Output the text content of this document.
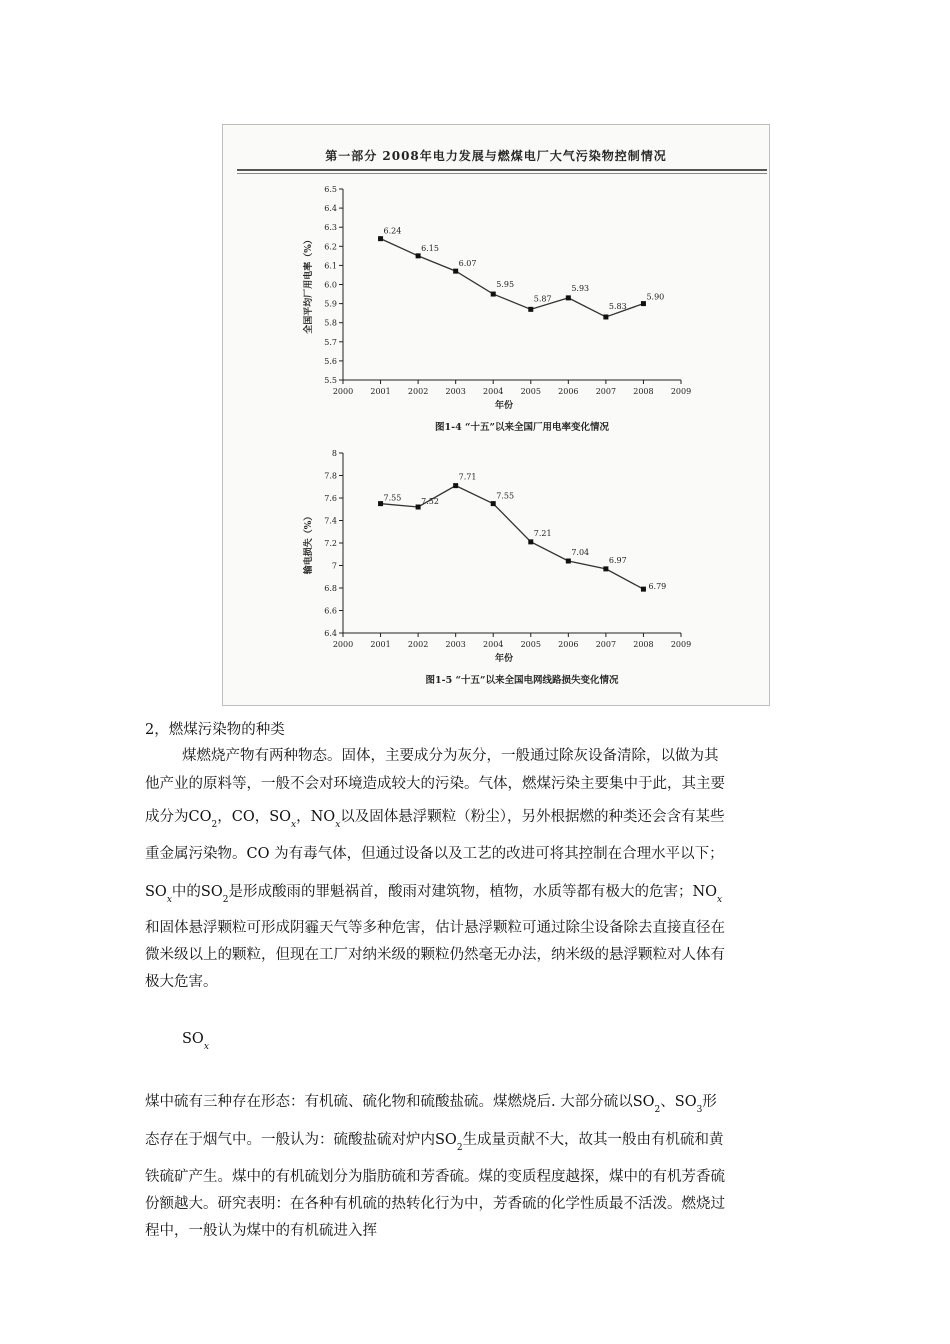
第一部分 2008年电力发展与燃煤电厂大气污染物控制情况
6.5
6.4
6.3
6.2
6.1
6.0
5.9
5.8
5.7
5.6
5.5
2000 2001 2002 2003 2004 2005 2006 2007 2008 2009
6.24
6.15
6.07
5.95
5.87
5.93
5.83
5.90
年份
全国平均厂用电率（%）
图1-4 “十五”以来全国厂用电率变化情况
8
7.8
7.6
7.4
7.2
7
6.8
6.6
6.4
2000 2001 2002 2003 2004 2005 2006 2007 2008 2009
7.55 7.52
7.71
7.55
7.21
7.04
6.97
6.79
年份
输电损失（%）
图1-5 “十五”以来全国电网线路损失变化情况
2，燃煤污染物的种类
煤燃烧产物有两种物态。固体，主要成分为灰分，一般通过除灰设备清除，以做为其
他产业的原料等，一般不会对环境造成较大的污染。气体，燃煤污染主要集中于此，其主要
成分为$CO_2$，CO，$SO_x$，$NO_x$以及固体悬浮颗粒（粉尘），另外根据燃的种类还会含有某些
重金属污染物。CO 为有毒气体，但通过设备以及工艺的改进可将其控制在合理水平以下；
$SO_x$中的$SO_2$是形成酸雨的罪魁祸首，酸雨对建筑物，植物，水质等都有极大的危害；$NO_x$
和固体悬浮颗粒可形成阴霾天气等多种危害，估计悬浮颗粒可通过除尘设备除去直接直径在
微米级以上的颗粒，但现在工厂对纳米级的颗粒仍然毫无办法，纳米级的悬浮颗粒对人体有
极大危害。
$SO_x$
煤中硫有三种存在形态：有机硫、硫化物和硫酸盐硫。煤燃烧后. 大部分硫以$SO_2$、$SO_3$形
态存在于烟气中。一般认为：硫酸盐硫对炉内$SO_2$生成量贡献不大，故其一般由有机硫和黄
铁硫矿产生。煤中的有机硫划分为脂肪硫和芳香硫。煤的变质程度越探，煤中的有机芳香硫
份额越大。研究表明：在各种有机硫的热转化行为中，芳香硫的化学性质最不活泼。燃烧过
程中，一般认为煤中的有机硫进入挥
